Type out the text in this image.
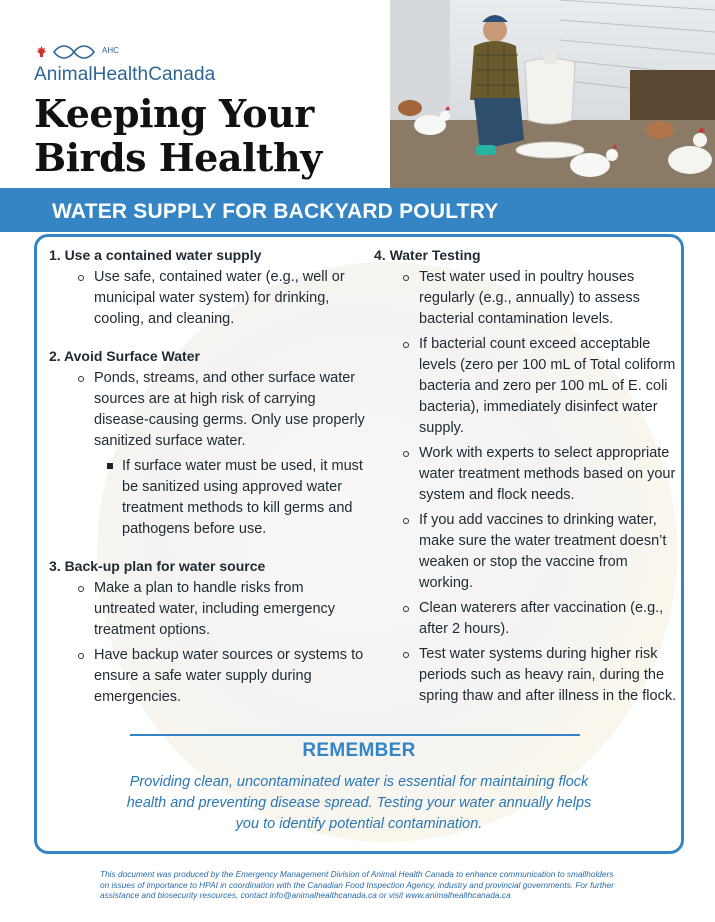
AHC
AnimalHealthCanada
Keeping Your Birds Healthy
WATER SUPPLY FOR BACKYARD POULTRY
1. Use a contained water supply
Use safe, contained water (e.g., well or municipal water system) for drinking, cooling, and cleaning.
2. Avoid Surface Water
Ponds, streams, and other surface water sources are at high risk of carrying disease-causing germs. Only use properly sanitized surface water.
If surface water must be used, it must be sanitized using approved water treatment methods to kill germs and pathogens before use.
3. Back-up plan for water source
Make a plan to handle risks from untreated water, including emergency treatment options.
Have backup water sources or systems to ensure a safe water supply during emergencies.
4. Water Testing
Test water used in poultry houses regularly (e.g., annually) to assess bacterial contamination levels.
If bacterial count exceed acceptable levels (zero per 100 mL of Total coliform bacteria and zero per 100 mL of E. coli bacteria), immediately disinfect water supply.
Work with experts to select appropriate water treatment methods based on your system and flock needs.
If you add vaccines to drinking water, make sure the water treatment doesn’t weaken or stop the vaccine from working.
Clean waterers after vaccination (e.g., after 2 hours).
Test water systems during higher risk periods such as heavy rain, during the spring thaw and after illness in the flock.
REMEMBER
Providing clean, uncontaminated water is essential for maintaining flock health and preventing disease spread. Testing your water annually helps you to identify potential contamination.
This document was produced by the Emergency Management Division of Animal Health Canada to enhance communication to smallholders on issues of importance to HPAI in coordination with the Canadian Food Inspection Agency, industry and provincial governments. For further assistance and biosecurity resources, contact info@animalhealthcanada.ca or visit www.animalhealthcanada.ca
